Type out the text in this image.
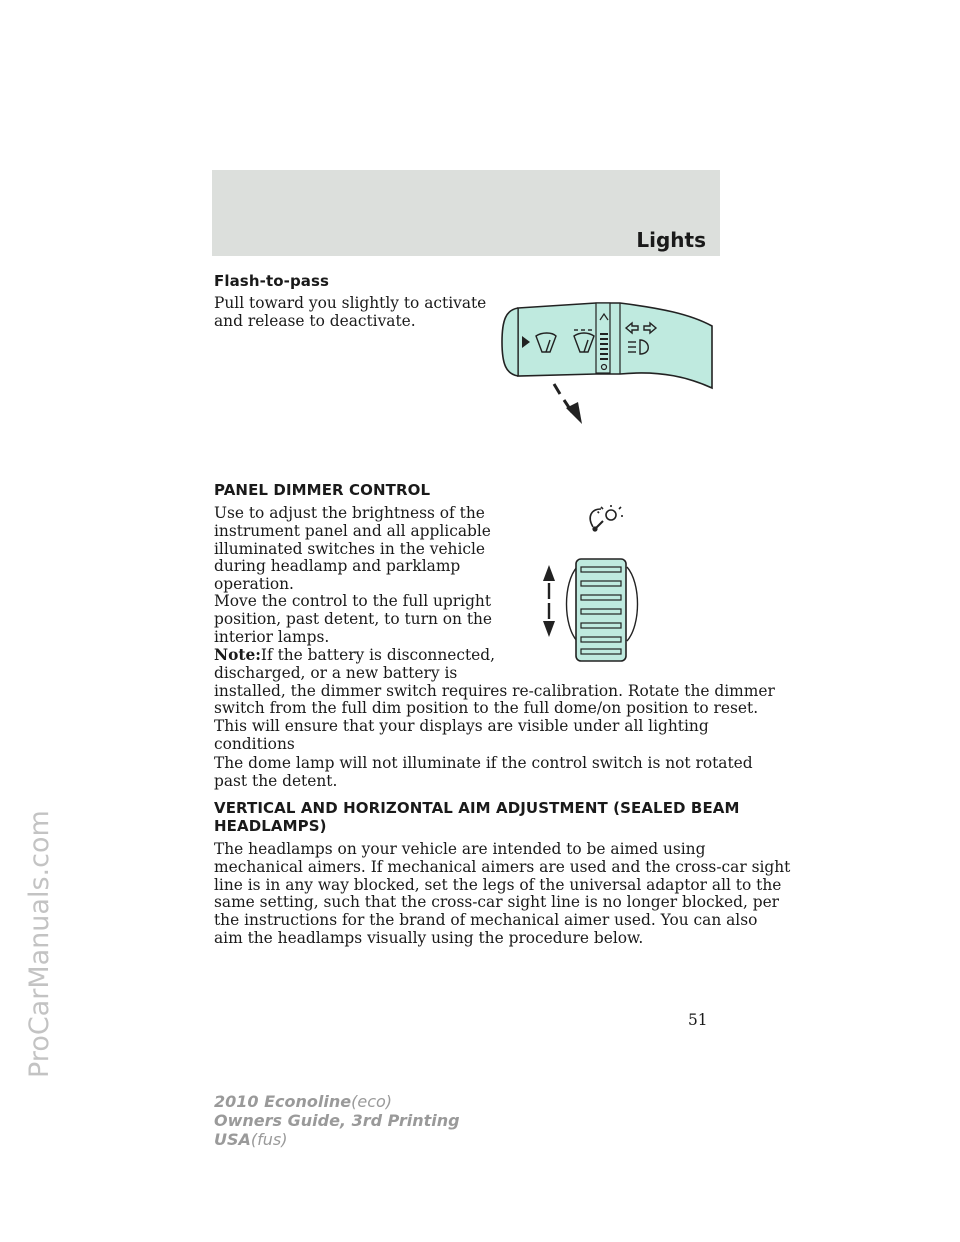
Lights
Flash-to-pass
Pull toward you slightly to activate
and release to deactivate.
PANEL DIMMER CONTROL
Use to adjust the brightness of the
instrument panel and all applicable
illuminated switches in the vehicle
during headlamp and parklamp
operation.
Move the control to the full upright
position, past detent, to turn on the
interior lamps.
Note:If the battery is disconnected,
discharged, or a new battery is
installed, the dimmer switch requires re-calibration. Rotate the dimmer
switch from the full dim position to the full dome/on position to reset.
This will ensure that your displays are visible under all lighting
conditions
The dome lamp will not illuminate if the control switch is not rotated
past the detent.
VERTICAL AND HORIZONTAL AIM ADJUSTMENT (SEALED BEAM
HEADLAMPS)
The headlamps on your vehicle are intended to be aimed using
mechanical aimers. If mechanical aimers are used and the cross-car sight
line is in any way blocked, set the legs of the universal adaptor all to the
same setting, such that the cross-car sight line is no longer blocked, per
the instructions for the brand of mechanical aimer used. You can also
aim the headlamps visually using the procedure below.
51
2010 Econoline(eco)
Owners Guide, 3rd Printing
USA(fus)
ProCarManuals.com
